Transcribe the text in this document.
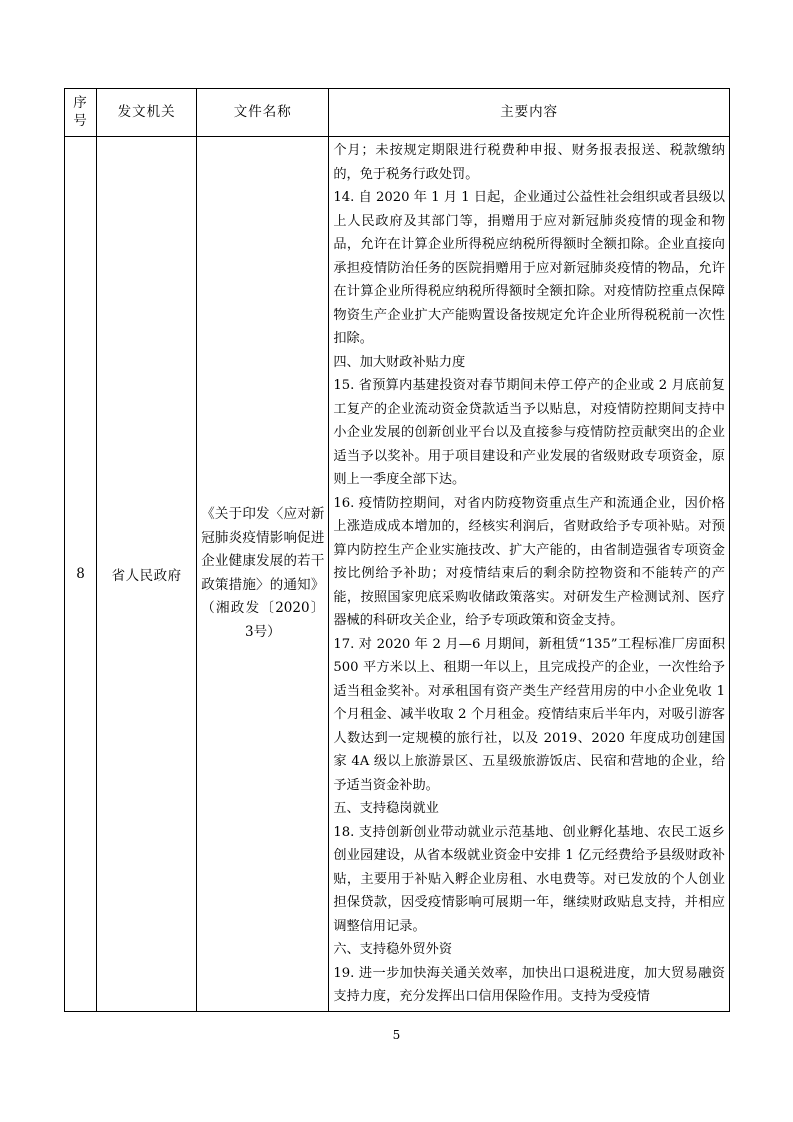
序
号	发文机关	文件名称	主要内容
8	省人民政府	《关于印发〈应对新冠肺炎疫情影响促进企业健康发展的若干政策措施〉的通知》（湘政发〔2020〕3号）	

个月；未按规定期限进行税费种申报、财务报表报送、税款缴纳的，免于税务行政处罚。

14. 自 2020 年 1 月 1 日起，企业通过公益性社会组织或者县级以上人民政府及其部门等，捐赠用于应对新冠肺炎疫情的现金和物品，允许在计算企业所得税应纳税所得额时全额扣除。企业直接向承担疫情防治任务的医院捐赠用于应对新冠肺炎疫情的物品，允许在计算企业所得税应纳税所得额时全额扣除。对疫情防控重点保障物资生产企业扩大产能购置设备按规定允许企业所得税税前一次性扣除。

四、加大财政补贴力度

15. 省预算内基建投资对春节期间未停工停产的企业或 2 月底前复工复产的企业流动资金贷款适当予以贴息，对疫情防控期间支持中小企业发展的创新创业平台以及直接参与疫情防控贡献突出的企业适当予以奖补。用于项目建设和产业发展的省级财政专项资金，原则上一季度全部下达。

16. 疫情防控期间，对省内防疫物资重点生产和流通企业，因价格上涨造成成本增加的，经核实利润后，省财政给予专项补贴。对预算内防控生产企业实施技改、扩大产能的，由省制造强省专项资金按比例给予补助；对疫情结束后的剩余防控物资和不能转产的产能，按照国家兜底采购收储政策落实。对研发生产检测试剂、医疗器械的科研攻关企业，给予专项政策和资金支持。

17. 对 2020 年 2 月—6 月期间，新租赁“135”工程标准厂房面积 500 平方米以上、租期一年以上，且完成投产的企业，一次性给予适当租金奖补。对承租国有资产类生产经营用房的中小企业免收 1 个月租金、减半收取 2 个月租金。疫情结束后半年内，对吸引游客人数达到一定规模的旅行社，以及 2019、2020 年度成功创建国家 4A 级以上旅游景区、五星级旅游饭店、民宿和营地的企业，给予适当资金补助。

五、支持稳岗就业

18. 支持创新创业带动就业示范基地、创业孵化基地、农民工返乡创业园建设，从省本级就业资金中安排 1 亿元经费给予县级财政补贴，主要用于补贴入孵企业房租、水电费等。对已发放的个人创业担保贷款，因受疫情影响可展期一年，继续财政贴息支持，并相应调整信用记录。

六、支持稳外贸外资

19. 进一步加快海关通关效率，加快出口退税进度，加大贸易融资支持力度，充分发挥出口信用保险作用。支持为受疫情

5
